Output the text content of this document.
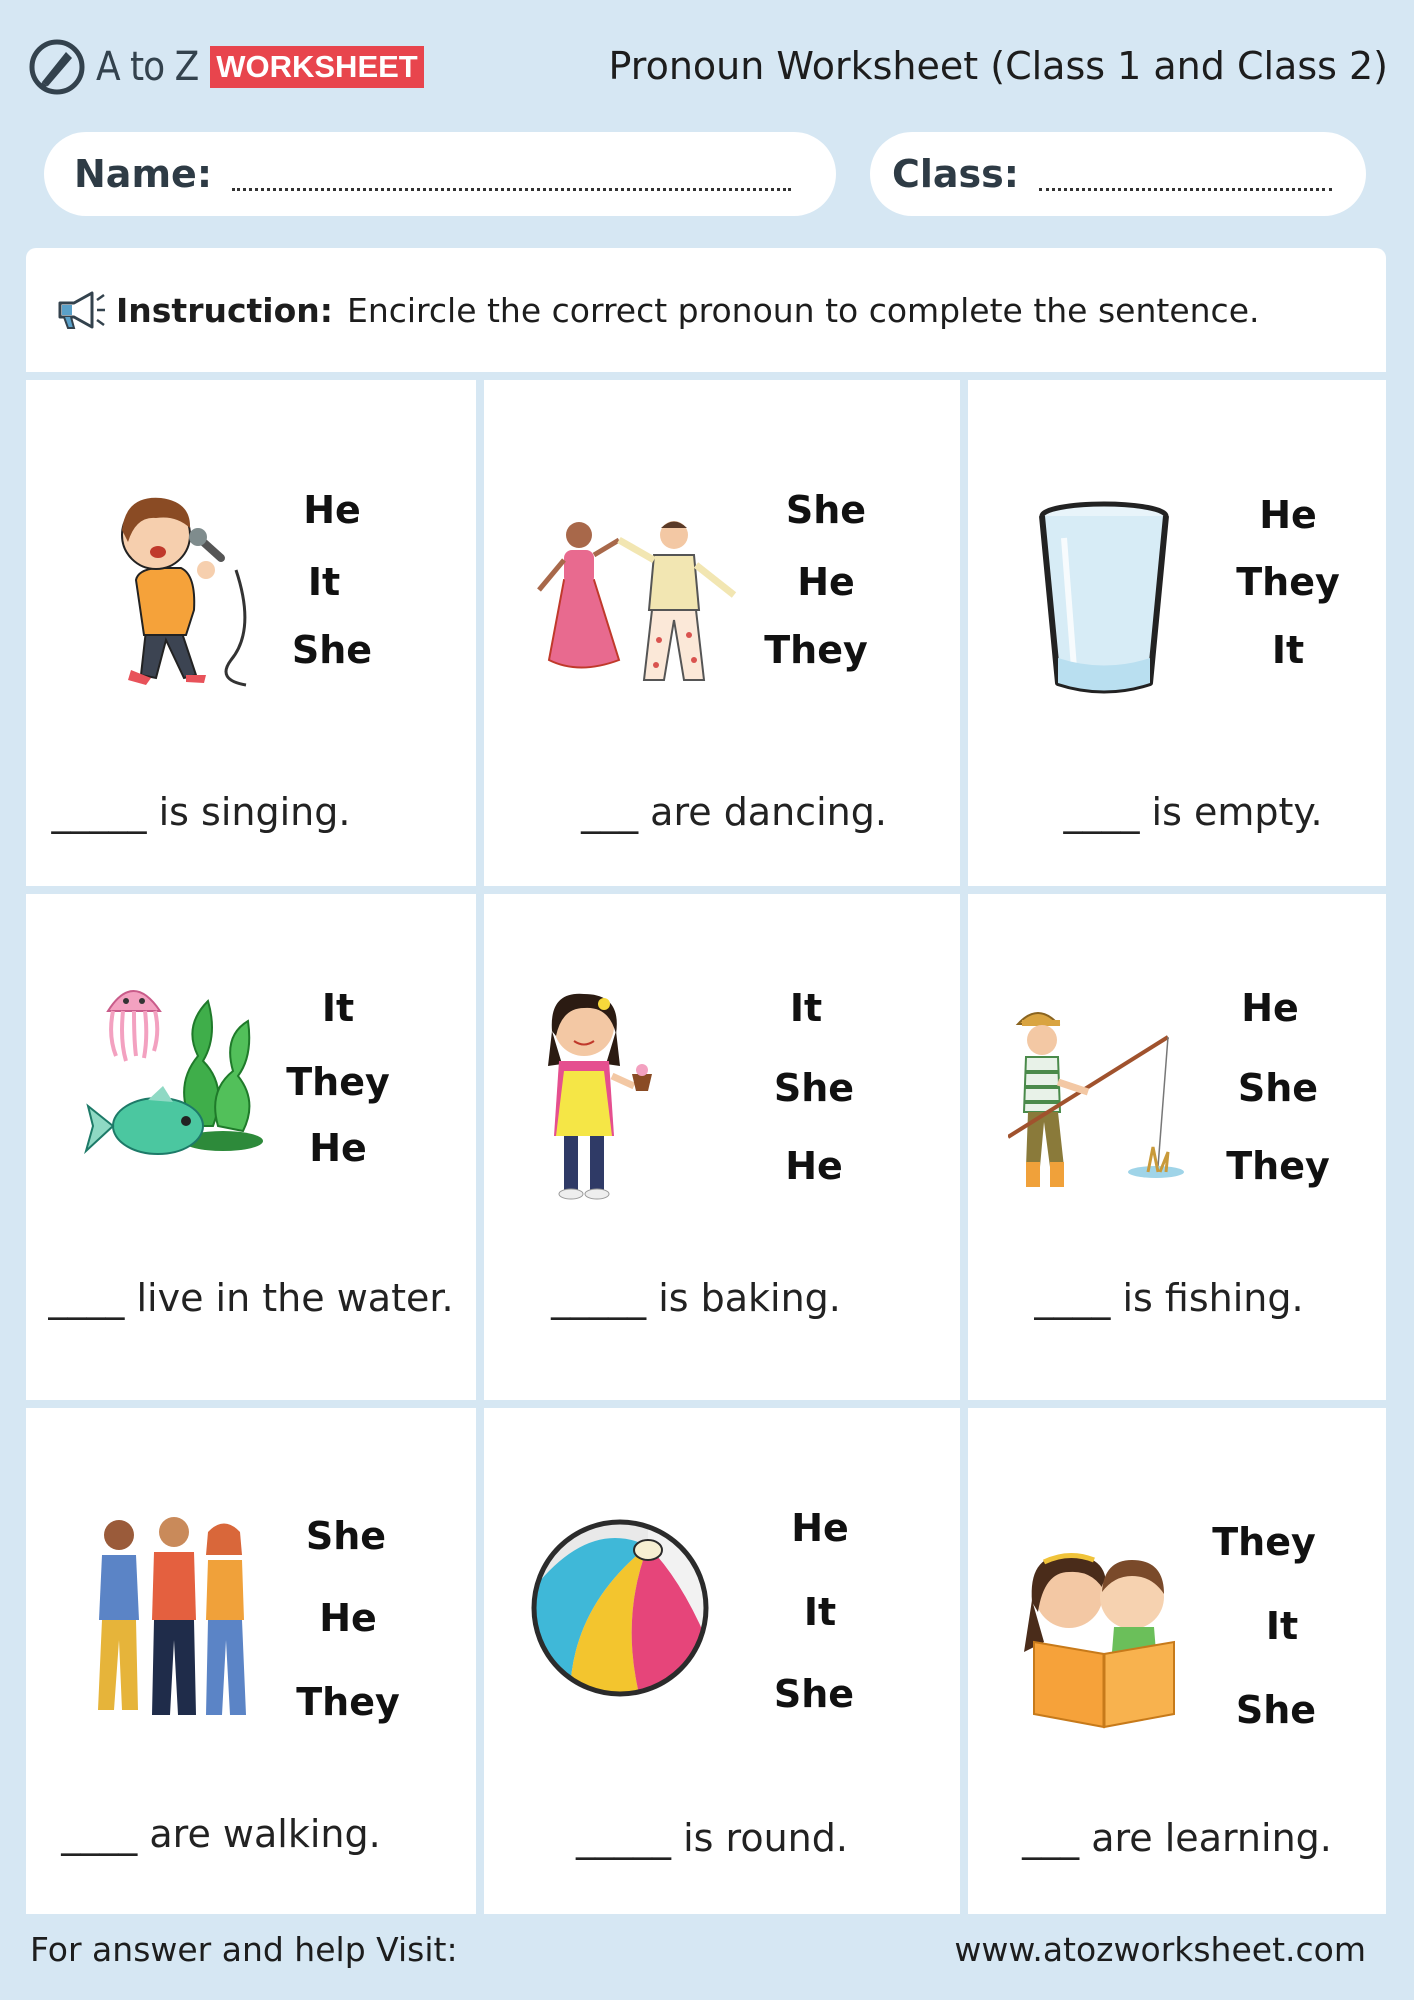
A to Z WORKSHEET	Pronoun Worksheet (Class 1 and Class 2)
Name:	Class:
Instruction: Encircle the correct pronoun to complete the sentence.
He
It
She
_____ is singing.
She
He
They
___ are dancing.
He
They
It
____ is empty.
It
They
He
____ live in the water.
It
She
He
_____ is baking.
He
She
They
____ is fishing.
She
He
They
____ are walking.
He
It
She
_____ is round.
They
It
She
___ are learning.
For answer and help Visit:	www.atozworksheet.com
